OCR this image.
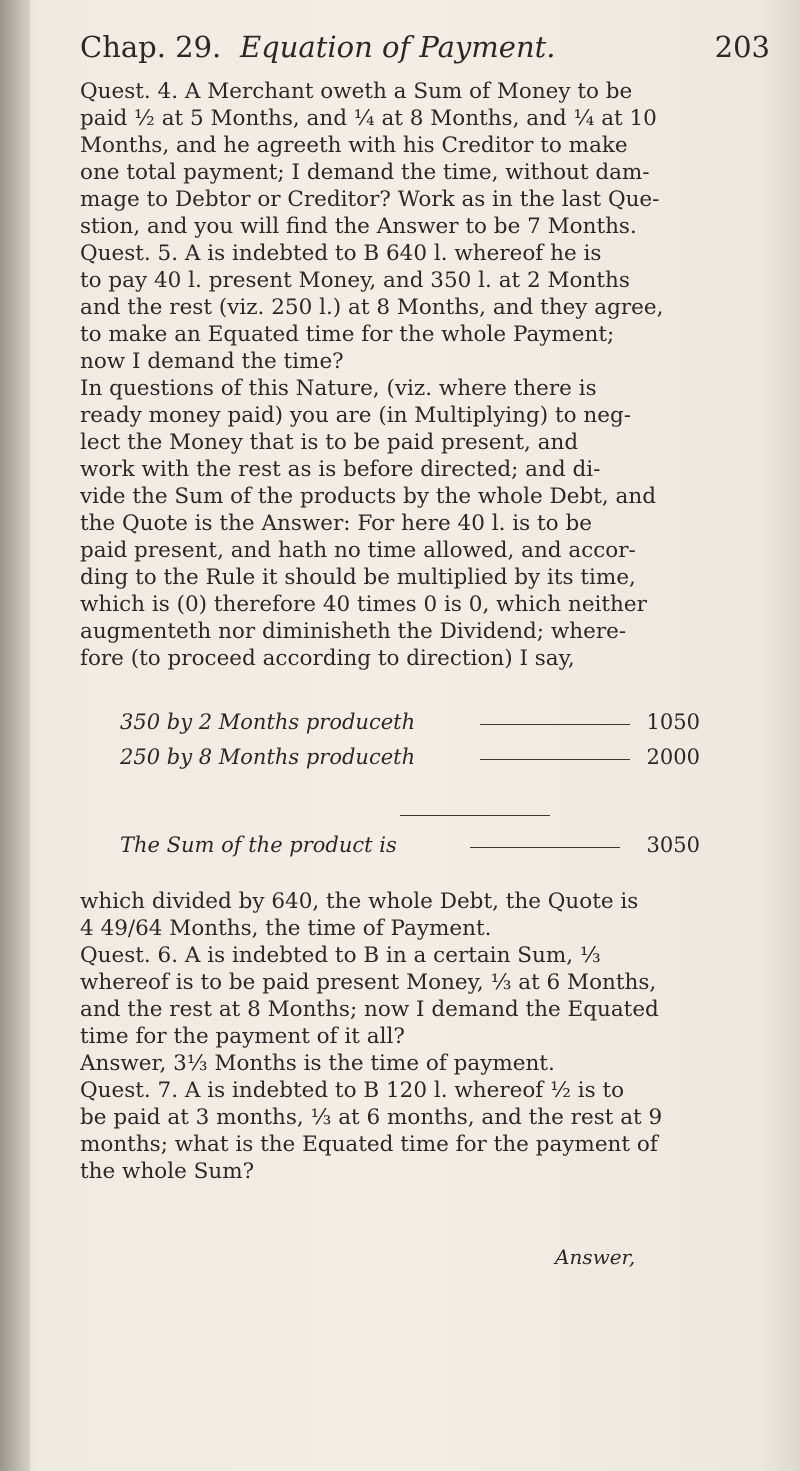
Chap. 29. Equation of Payment.	203

Quest. 4. A Merchant oweth a Sum of Money to be
paid ½ at 5 Months, and ¼ at 8 Months, and ¼ at 10
Months, and he agreeth with his Creditor to make
one total payment; I demand the time, without dam-
mage to Debtor or Creditor? Work as in the last Que-
stion, and you will find the Answer to be 7 Months.

Quest. 5. A is indebted to B 640 l. whereof he is
to pay 40 l. present Money, and 350 l. at 2 Months
and the rest (viz. 250 l.) at 8 Months, and they agree,
to make an Equated time for the whole Payment;
now I demand the time?

In questions of this Nature, (viz. where there is
ready money paid) you are (in Multiplying) to neg-
lect the Money that is to be paid present, and
work with the rest as is before directed; and di-
vide the Sum of the products by the whole Debt, and
the Quote is the Answer: For here 40 l. is to be
paid present, and hath no time allowed, and accor-
ding to the Rule it should be multiplied by its time,
which is (0) therefore 40 times 0 is 0, which neither
augmenteth nor diminisheth the Dividend; where-
fore (to proceed according to direction) I say,

350 by 2 Months produceth	1050
250 by 8 Months produceth	2000
The Sum of the product is	3050

which divided by 640, the whole Debt, the Quote is
4 49/64 Months, the time of Payment.

Quest. 6. A is indebted to B in a certain Sum, ⅓
whereof is to be paid present Money, ⅓ at 6 Months,
and the rest at 8 Months; now I demand the Equated
time for the payment of it all?
Answer, 3⅓ Months is the time of payment.

Quest. 7. A is indebted to B 120 l. whereof ½ is to
be paid at 3 months, ⅓ at 6 months, and the rest at 9
months; what is the Equated time for the payment of
the whole Sum?

Answer,
